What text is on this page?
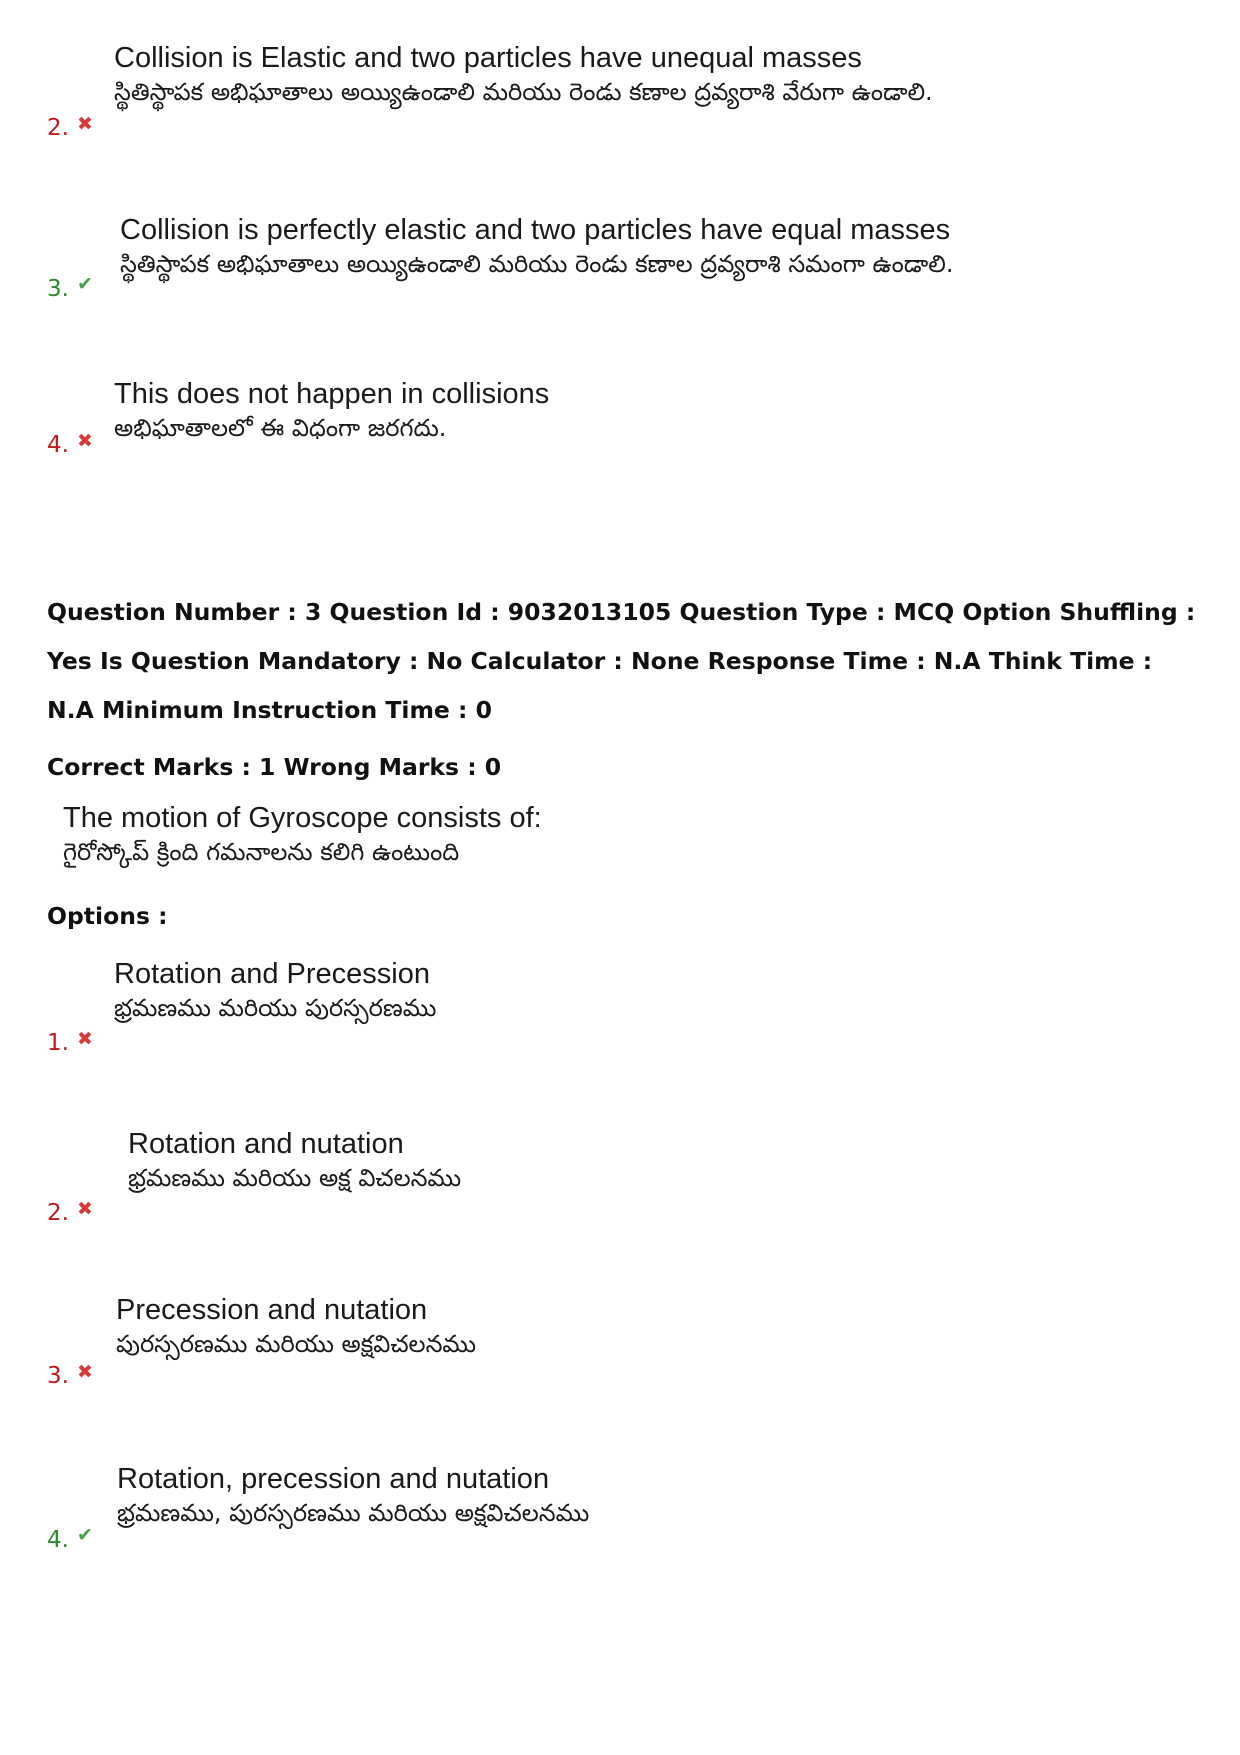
Collision is Elastic and two particles have unequal masses
స్థితిస్థాపక అభిఘాతాలు అయ్యిఉండాలి మరియు రెండు కణాల ద్రవ్యరాశి వేరుగా ఉండాలి.
2. ✖
Collision is perfectly elastic and two particles have equal masses
స్థితిస్థాపక అభిఘాతాలు అయ్యిఉండాలి మరియు రెండు కణాల ద్రవ్యరాశి సమంగా ఉండాలి.
3. ✔
This does not happen in collisions
అభిఘాతాలలో ఈ విధంగా జరగదు.
4. ✖
Question Number : 3 Question Id : 9032013105 Question Type : MCQ Option Shuffling : Yes Is Question Mandatory : No Calculator : None Response Time : N.A Think Time : N.A Minimum Instruction Time : 0
Correct Marks : 1 Wrong Marks : 0
The motion of Gyroscope consists of:
గైరోస్కోప్ క్రింది గమనాలను కలిగి ఉంటుంది
Options :
Rotation and Precession
భ్రమణము మరియు పురస్సరణము
1. ✖
Rotation and nutation
భ్రమణము మరియు అక్ష విచలనము
2. ✖
Precession and nutation
పురస్సరణము మరియు అక్షవిచలనము
3. ✖
Rotation, precession and nutation
భ్రమణము, పురస్సరణము మరియు అక్షవిచలనము
4. ✔
